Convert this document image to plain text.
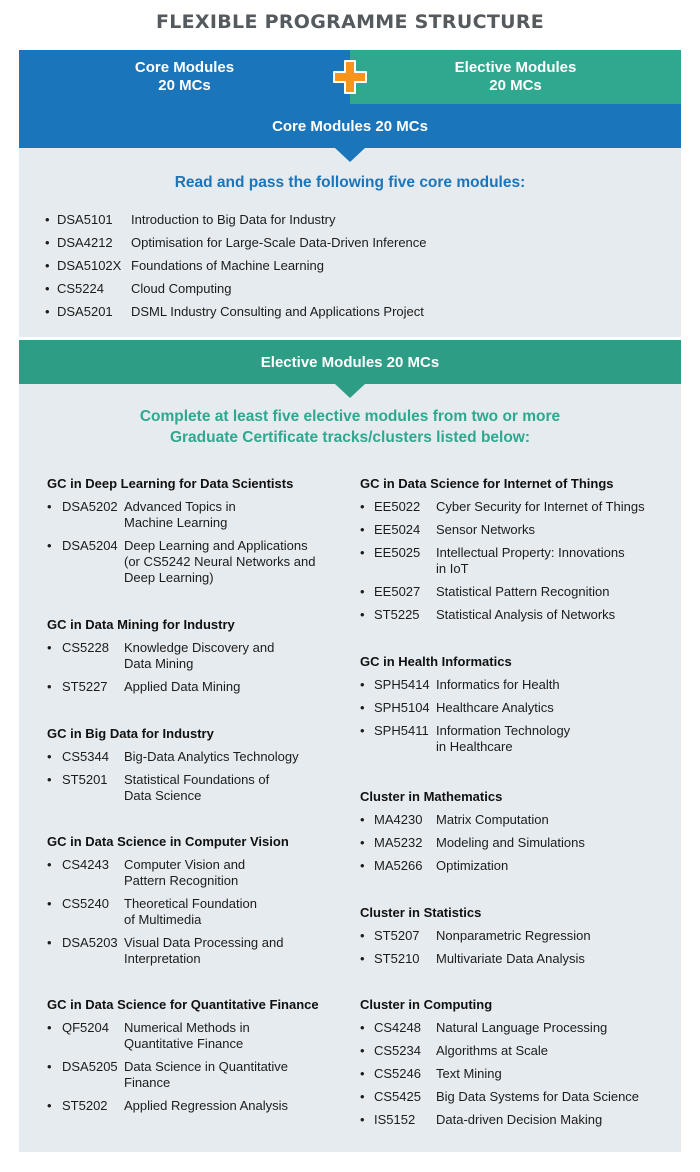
FLEXIBLE PROGRAMME STRUCTURE
Core Modules
20 MCs
Elective Modules
20 MCs
Core Modules 20 MCs
Read and pass the following five core modules:
• DSA5101 Introduction to Big Data for Industry
• DSA4212 Optimisation for Large-Scale Data-Driven Inference
• DSA5102X Foundations of Machine Learning
• CS5224 Cloud Computing
• DSA5201 DSML Industry Consulting and Applications Project
Elective Modules 20 MCs
Complete at least five elective modules from two or more
Graduate Certificate tracks/clusters listed below:
GC in Deep Learning for Data Scientists
• DSA5202 Advanced Topics in
Machine Learning
• DSA5204 Deep Learning and Applications
(or CS5242 Neural Networks and
Deep Learning)
GC in Data Mining for Industry
• CS5228 Knowledge Discovery and
Data Mining
• ST5227 Applied Data Mining
GC in Big Data for Industry
• CS5344 Big-Data Analytics Technology
• ST5201 Statistical Foundations of
Data Science
GC in Data Science in Computer Vision
• CS4243 Computer Vision and
Pattern Recognition
• CS5240 Theoretical Foundation
of Multimedia
• DSA5203 Visual Data Processing and
Interpretation
GC in Data Science for Quantitative Finance
• QF5204 Numerical Methods in
Quantitative Finance
• DSA5205 Data Science in Quantitative
Finance
• ST5202 Applied Regression Analysis
GC in Data Science for Internet of Things
• EE5022 Cyber Security for Internet of Things
• EE5024 Sensor Networks
• EE5025 Intellectual Property: Innovations
in IoT
• EE5027 Statistical Pattern Recognition
• ST5225 Statistical Analysis of Networks
GC in Health Informatics
• SPH5414 Informatics for Health
• SPH5104 Healthcare Analytics
• SPH5411 Information Technology
in Healthcare
Cluster in Mathematics
• MA4230 Matrix Computation
• MA5232 Modeling and Simulations
• MA5266 Optimization
Cluster in Statistics
• ST5207 Nonparametric Regression
• ST5210 Multivariate Data Analysis
Cluster in Computing
• CS4248 Natural Language Processing
• CS5234 Algorithms at Scale
• CS5246 Text Mining
• CS5425 Big Data Systems for Data Science
• IS5152 Data-driven Decision Making
